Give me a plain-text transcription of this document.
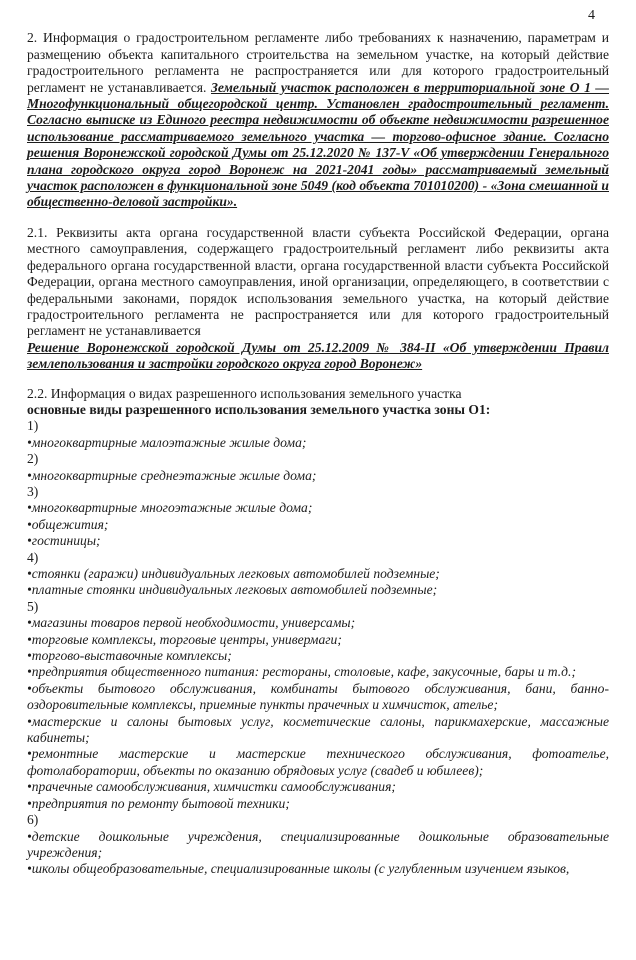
4

2. Информация о градостроительном регламенте либо требованиях к назначению, параметрам и размещению объекта капитального строительства на земельном участке, на который действие градостроительного регламента не распространяется или для которого градостроительный регламент не устанавливается. Земельный участок расположен в территориальной зоне О 1 — Многофункциональный общегородской центр. Установлен градостроительный регламент. Согласно выписке из Единого реестра недвижимости об объекте недвижимости разрешенное использование рассматриваемого земельного участка — торгово-офисное здание. Согласно решения Воронежской городской Думы от 25.12.2020 № 137-V «Об утверждении Генерального плана городского округа город Воронеж на 2021-2041 годы» рассматриваемый земельный участок расположен в функциональной зоне 5049 (код объекта 701010200) - «Зона смешанной и общественно-деловой застройки».

2.1. Реквизиты акта органа государственной власти субъекта Российской Федерации, органа местного самоуправления, содержащего градостроительный регламент либо реквизиты акта федерального органа государственной власти, органа государственной власти субъекта Российской Федерации, органа местного самоуправления, иной организации, определяющего, в соответствии с федеральными законами, порядок использования земельного участка, на который действие градостроительного регламента не распространяется или для которого градостроительный регламент не устанавливается
Решение Воронежской городской Думы от 25.12.2009 № 384-II «Об утверждении Правил землепользования и застройки городского округа город Воронеж»

2.2. Информация о видах разрешенного использования земельного участка

основные виды разрешенного использования земельного участка зоны О1:

1)
•многоквартирные малоэтажные жилые дома;
2)
•многоквартирные среднеэтажные жилые дома;
3)
•многоквартирные многоэтажные жилые дома;
•общежития;
•гостиницы;
4)
•стоянки (гаражи) индивидуальных легковых автомобилей подземные;
•платные стоянки индивидуальных легковых автомобилей подземные;
5)
•магазины товаров первой необходимости, универсамы;
•торговые комплексы, торговые центры, универмаги;
•торгово-выставочные комплексы;
•предприятия общественного питания: рестораны, столовые, кафе, закусочные, бары и т.д.;
•объекты бытового обслуживания, комбинаты бытового обслуживания, бани, банно-оздоровительные комплексы, приемные пункты прачечных и химчисток, ателье;
•мастерские и салоны бытовых услуг, косметические салоны, парикмахерские, массажные кабинеты;
•ремонтные мастерские и мастерские технического обслуживания, фотоателье, фотолаборатории, объекты по оказанию обрядовых услуг (свадеб и юбилеев);
•прачечные самообслуживания, химчистки самообслуживания;
•предприятия по ремонту бытовой техники;
6)
•детские дошкольные учреждения, специализированные дошкольные образовательные учреждения;
•школы общеобразовательные, специализированные школы (с углубленным изучением языков,
